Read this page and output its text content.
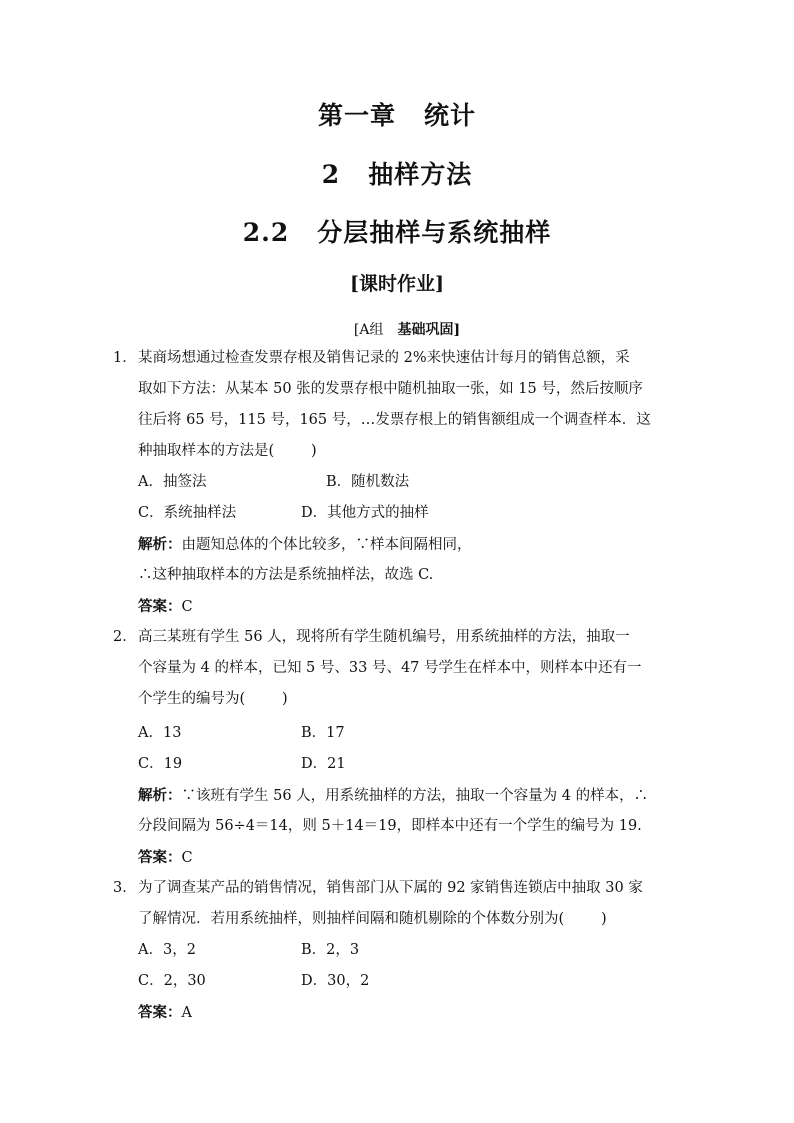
第一章 统计
2 抽样方法
2.2 分层抽样与系统抽样
[课时作业]
[A组 基础巩固]
1． 某商场想通过检查发票存根及销售记录的 2%来快速估计每月的销售总额，采
取如下方法：从某本 50 张的发票存根中随机抽取一张，如 15 号，然后按顺序
往后将 65 号，115 号，165 号，…发票存根上的销售额组成一个调查样本．这
种抽取样本的方法是(        )
A．抽签法	B．随机数法
C．系统抽样法	D．其他方式的抽样
解析：由题知总体的个体比较多，∵样本间隔相同，
∴这种抽取样本的方法是系统抽样法，故选 C.
答案：C
2． 高三某班有学生 56 人，现将所有学生随机编号，用系统抽样的方法，抽取一
个容量为 4 的样本，已知 5 号、33 号、47 号学生在样本中，则样本中还有一
个学生的编号为(        )
A．13	B．17
C．19	D．21
解析：∵该班有学生 56 人，用系统抽样的方法，抽取一个容量为 4 的样本，∴
分段间隔为 56÷4＝14，则 5＋14＝19，即样本中还有一个学生的编号为 19.
答案：C
3． 为了调查某产品的销售情况，销售部门从下属的 92 家销售连锁店中抽取 30 家
了解情况．若用系统抽样，则抽样间隔和随机剔除的个体数分别为(        )
A．3，2	B．2，3
C．2，30	D．30，2
答案：A
